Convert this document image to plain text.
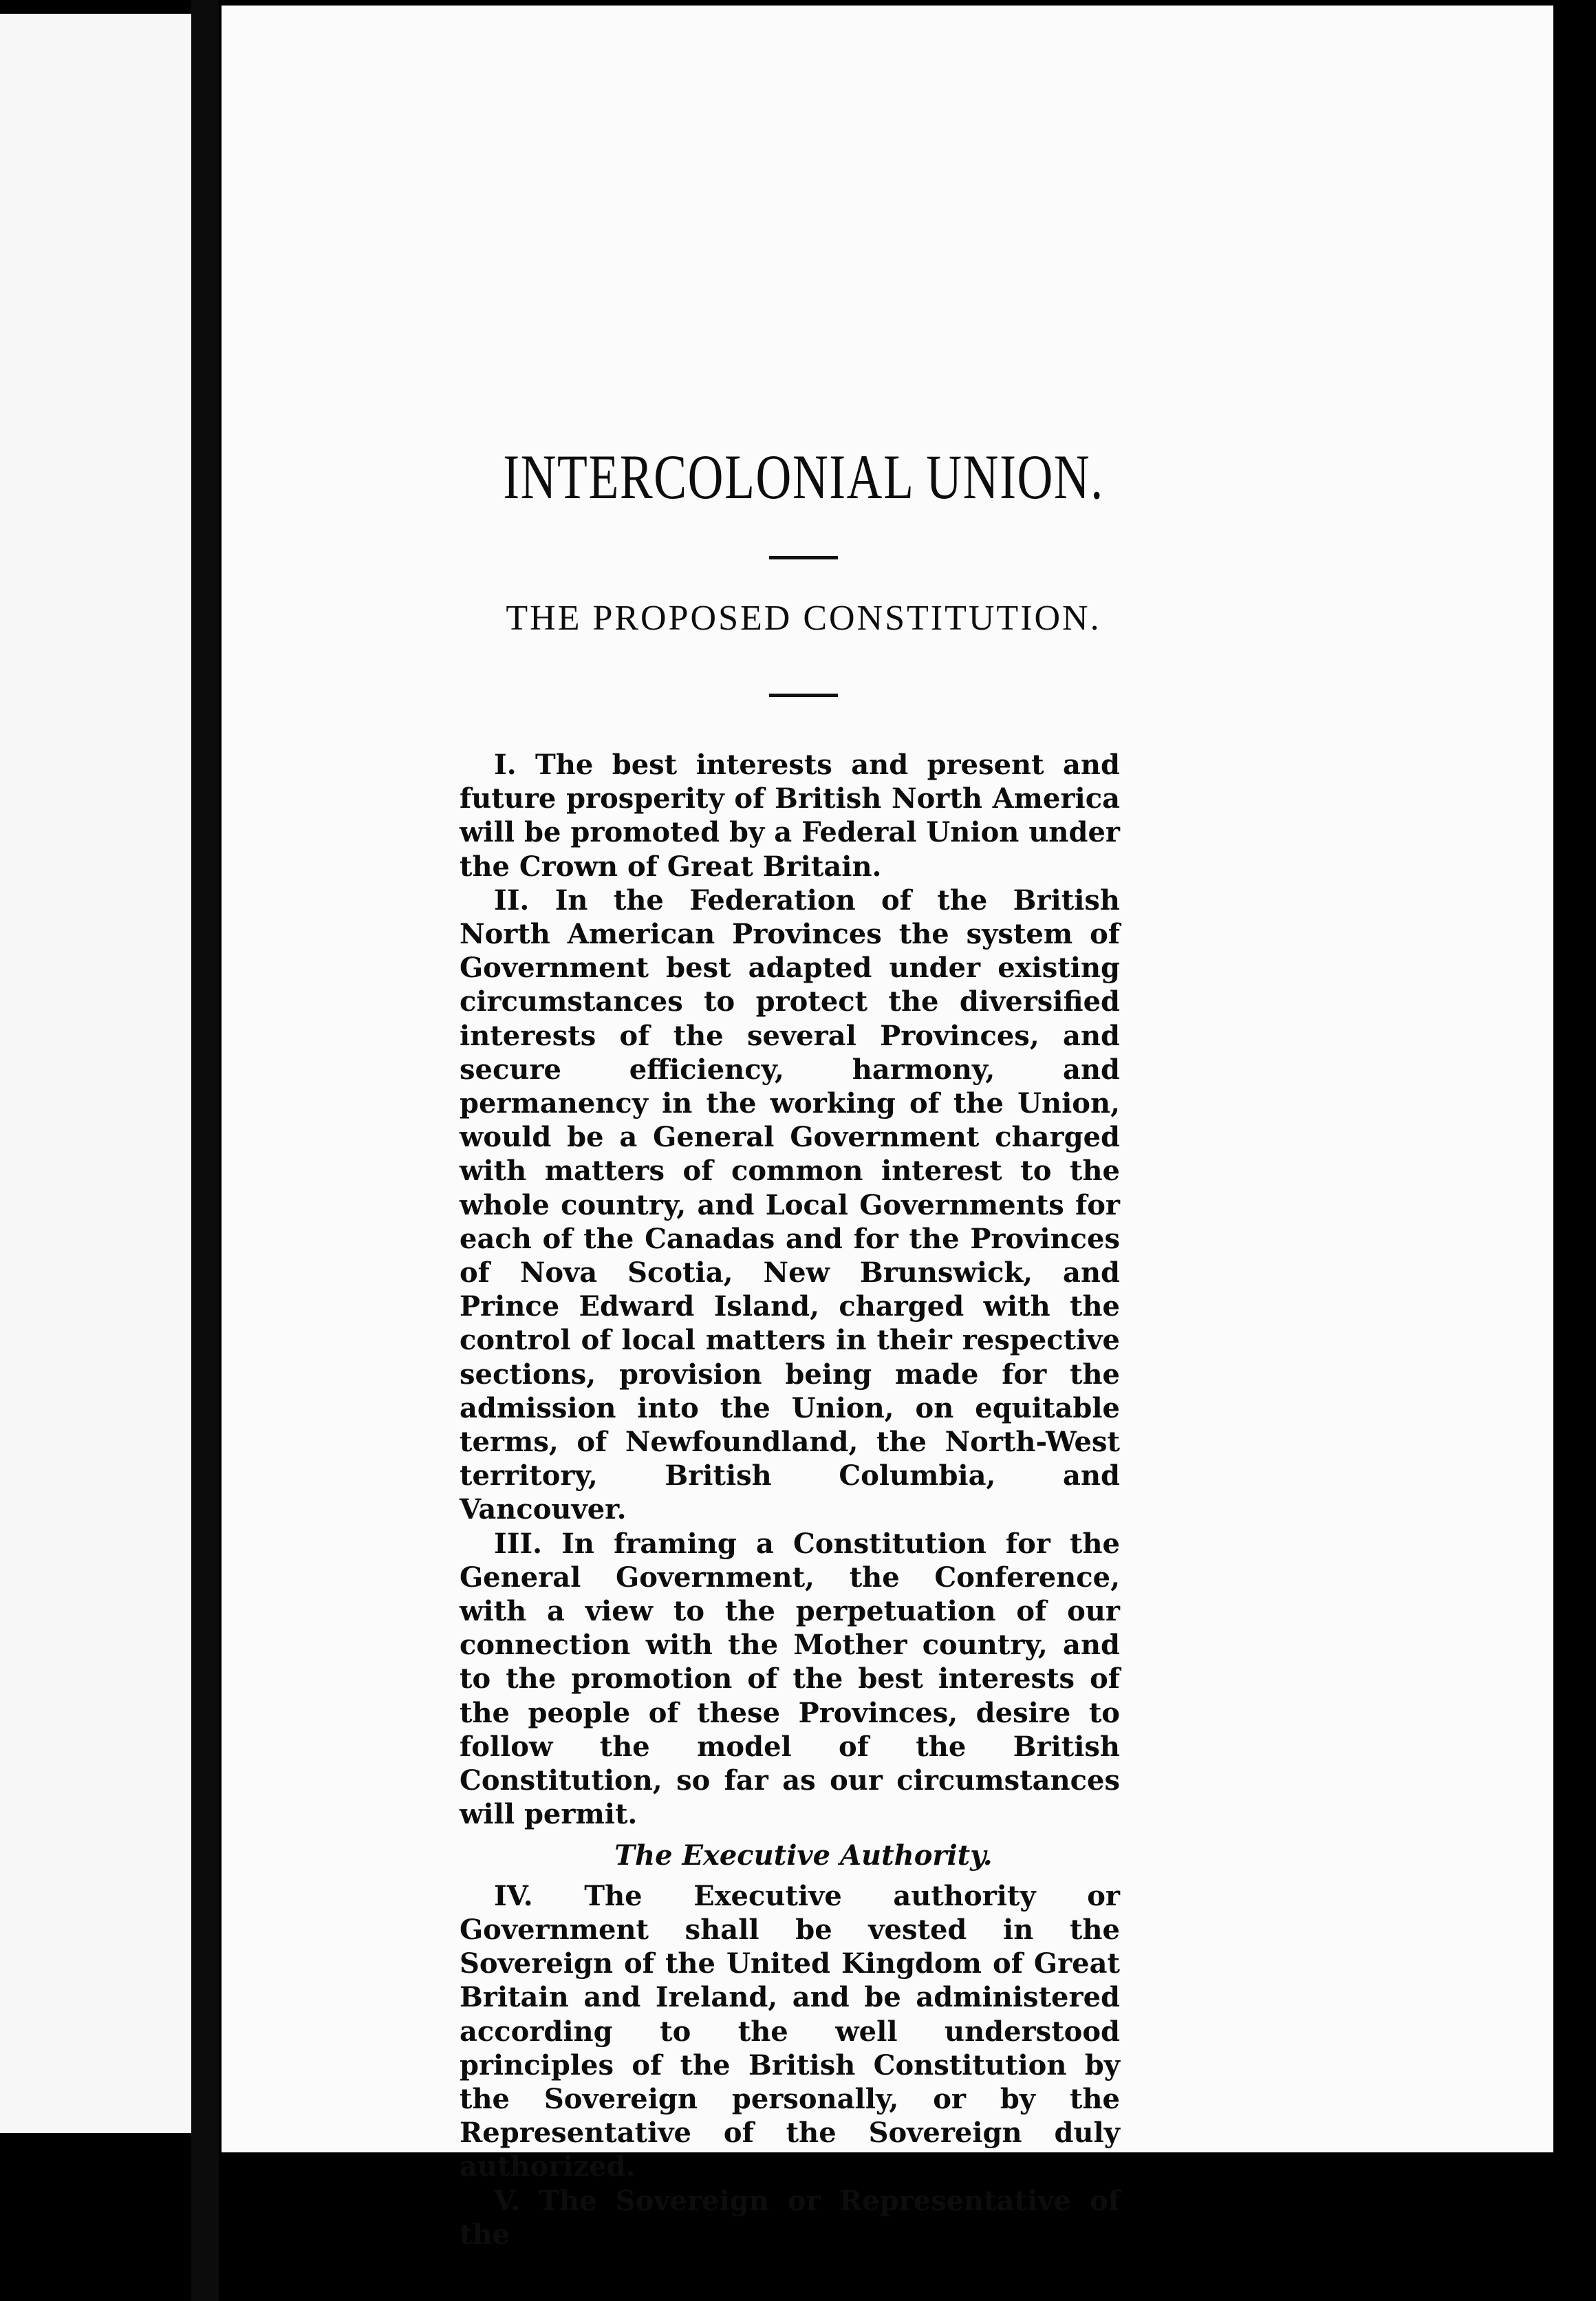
INTERCOLONIAL UNION.
THE PROPOSED CONSTITUTION.

I. The best interests and present and future prosperity of British North America will be promoted by a Federal Union under the Crown of Great Britain.

II. In the Federation of the British North American Provinces the system of Government best adapted under existing circumstances to protect the diversified interests of the several Provinces, and secure efficiency, harmony, and permanency in the working of the Union, would be a General Government charged with matters of common interest to the whole country, and Local Governments for each of the Canadas and for the Provinces of Nova Scotia, New Brunswick, and Prince Edward Island, charged with the control of local matters in their respective sections, provision being made for the admission into the Union, on equitable terms, of Newfoundland, the North-West territory, British Columbia, and Vancouver.

III. In framing a Constitution for the General Government, the Conference, with a view to the perpetuation of our connection with the Mother country, and to the promotion of the best interests of the people of these Provinces, desire to follow the model of the British Constitution, so far as our circumstances will permit.

The Executive Authority.

IV. The Executive authority or Government shall be vested in the Sovereign of the United Kingdom of Great Britain and Ireland, and be administered according to the well understood principles of the British Constitution by the Sovereign personally, or by the Representative of the Sovereign duly authorized.

V. The Sovereign or Representative of the
